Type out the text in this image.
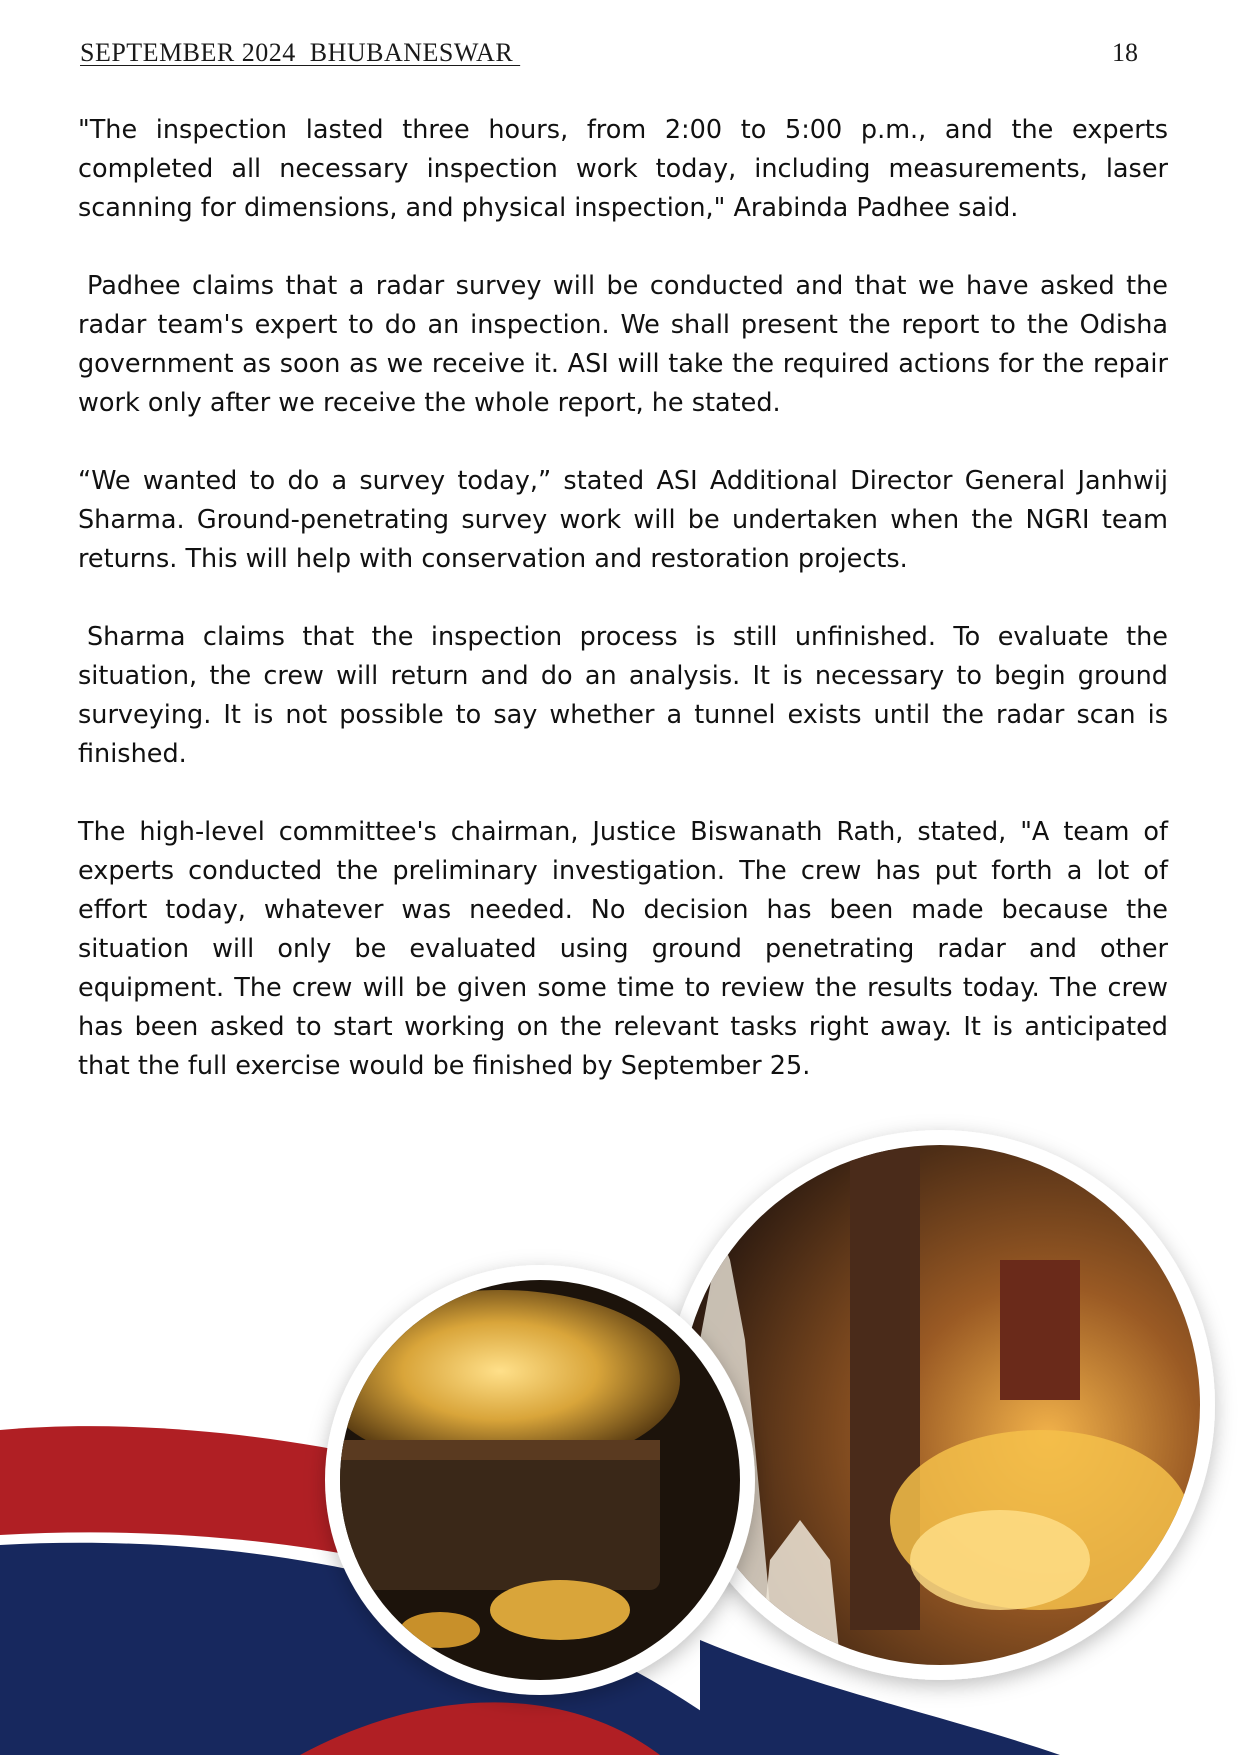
SEPTEMBER 2024  BHUBANESWAR	18

"The inspection lasted three hours, from 2:00 to 5:00 p.m., and the experts completed all necessary inspection work today, including measurements, laser scanning for dimensions, and physical inspection," Arabinda Padhee said.

Padhee claims that a radar survey will be conducted and that we have asked the radar team's expert to do an inspection. We shall present the report to the Odisha government as soon as we receive it. ASI will take the required actions for the repair work only after we receive the whole report, he stated.

“We wanted to do a survey today,” stated ASI Additional Director General Janhwij Sharma. Ground-penetrating survey work will be undertaken when the NGRI team returns. This will help with conservation and restoration projects.

Sharma claims that the inspection process is still unfinished. To evaluate the situation, the crew will return and do an analysis. It is necessary to begin ground surveying. It is not possible to say whether a tunnel exists until the radar scan is finished.

The high-level committee's chairman, Justice Biswanath Rath, stated, "A team of experts conducted the preliminary investigation. The crew has put forth a lot of effort today, whatever was needed. No decision has been made because the situation will only be evaluated using ground penetrating radar and other equipment. The crew will be given some time to review the results today. The crew has been asked to start working on the relevant tasks right away. It is anticipated that the full exercise would be finished by September 25.
